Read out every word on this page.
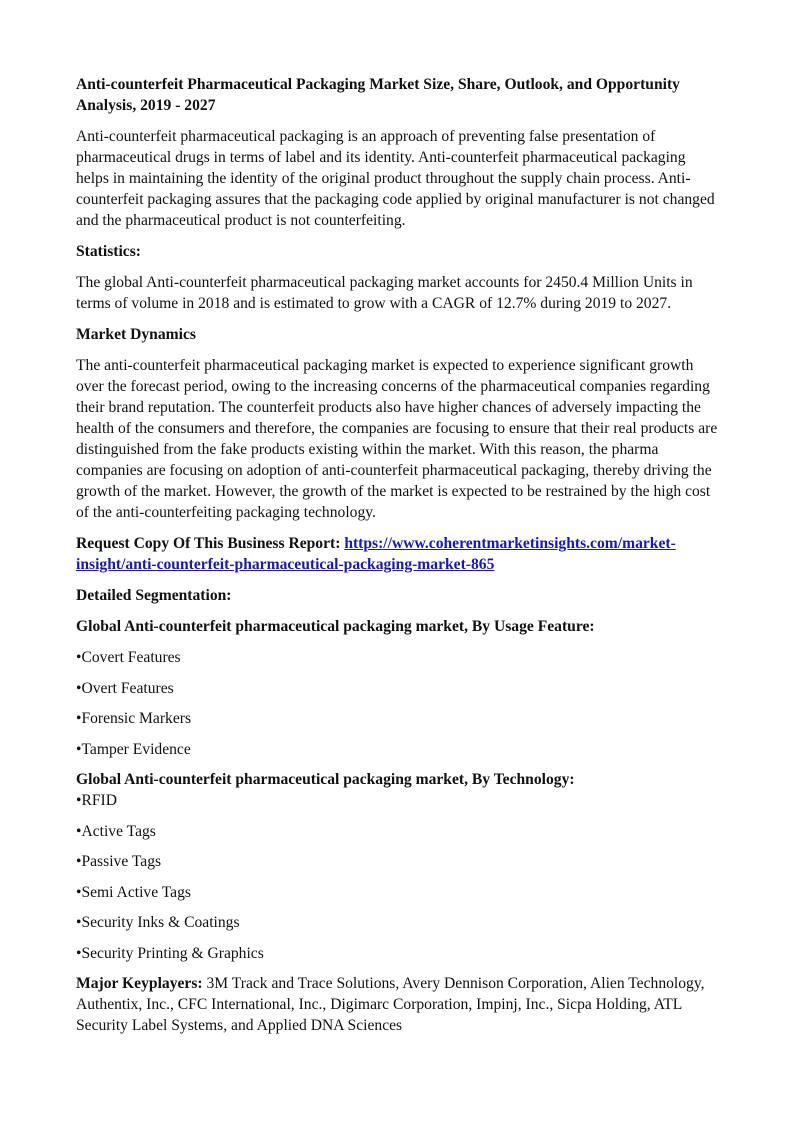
Anti-counterfeit Pharmaceutical Packaging Market Size, Share, Outlook, and Opportunity Analysis, 2019 - 2027

Anti-counterfeit pharmaceutical packaging is an approach of preventing false presentation of pharmaceutical drugs in terms of label and its identity. Anti-counterfeit pharmaceutical packaging helps in maintaining the identity of the original product throughout the supply chain process. Anti-counterfeit packaging assures that the packaging code applied by original manufacturer is not changed and the pharmaceutical product is not counterfeiting.

Statistics:

The global Anti-counterfeit pharmaceutical packaging market accounts for 2450.4 Million Units in terms of volume in 2018 and is estimated to grow with a CAGR of 12.7% during 2019 to 2027.

Market Dynamics

The anti-counterfeit pharmaceutical packaging market is expected to experience significant growth over the forecast period, owing to the increasing concerns of the pharmaceutical companies regarding their brand reputation. The counterfeit products also have higher chances of adversely impacting the health of the consumers and therefore, the companies are focusing to ensure that their real products are distinguished from the fake products existing within the market. With this reason, the pharma companies are focusing on adoption of anti-counterfeit pharmaceutical packaging, thereby driving the growth of the market. However, the growth of the market is expected to be restrained by the high cost of the anti-counterfeiting packaging technology.

Request Copy Of This Business Report: https://www.coherentmarketinsights.com/market-insight/anti-counterfeit-pharmaceutical-packaging-market-865

Detailed Segmentation:

Global Anti-counterfeit pharmaceutical packaging market, By Usage Feature:

•Covert Features
•Overt Features
•Forensic Markers
•Tamper Evidence

Global Anti-counterfeit pharmaceutical packaging market, By Technology:

•RFID
•Active Tags
•Passive Tags
•Semi Active Tags
•Security Inks & Coatings
•Security Printing & Graphics

Major Keyplayers: 3M Track and Trace Solutions, Avery Dennison Corporation, Alien Technology, Authentix, Inc., CFC International, Inc., Digimarc Corporation, Impinj, Inc., Sicpa Holding, ATL Security Label Systems, and Applied DNA Sciences
